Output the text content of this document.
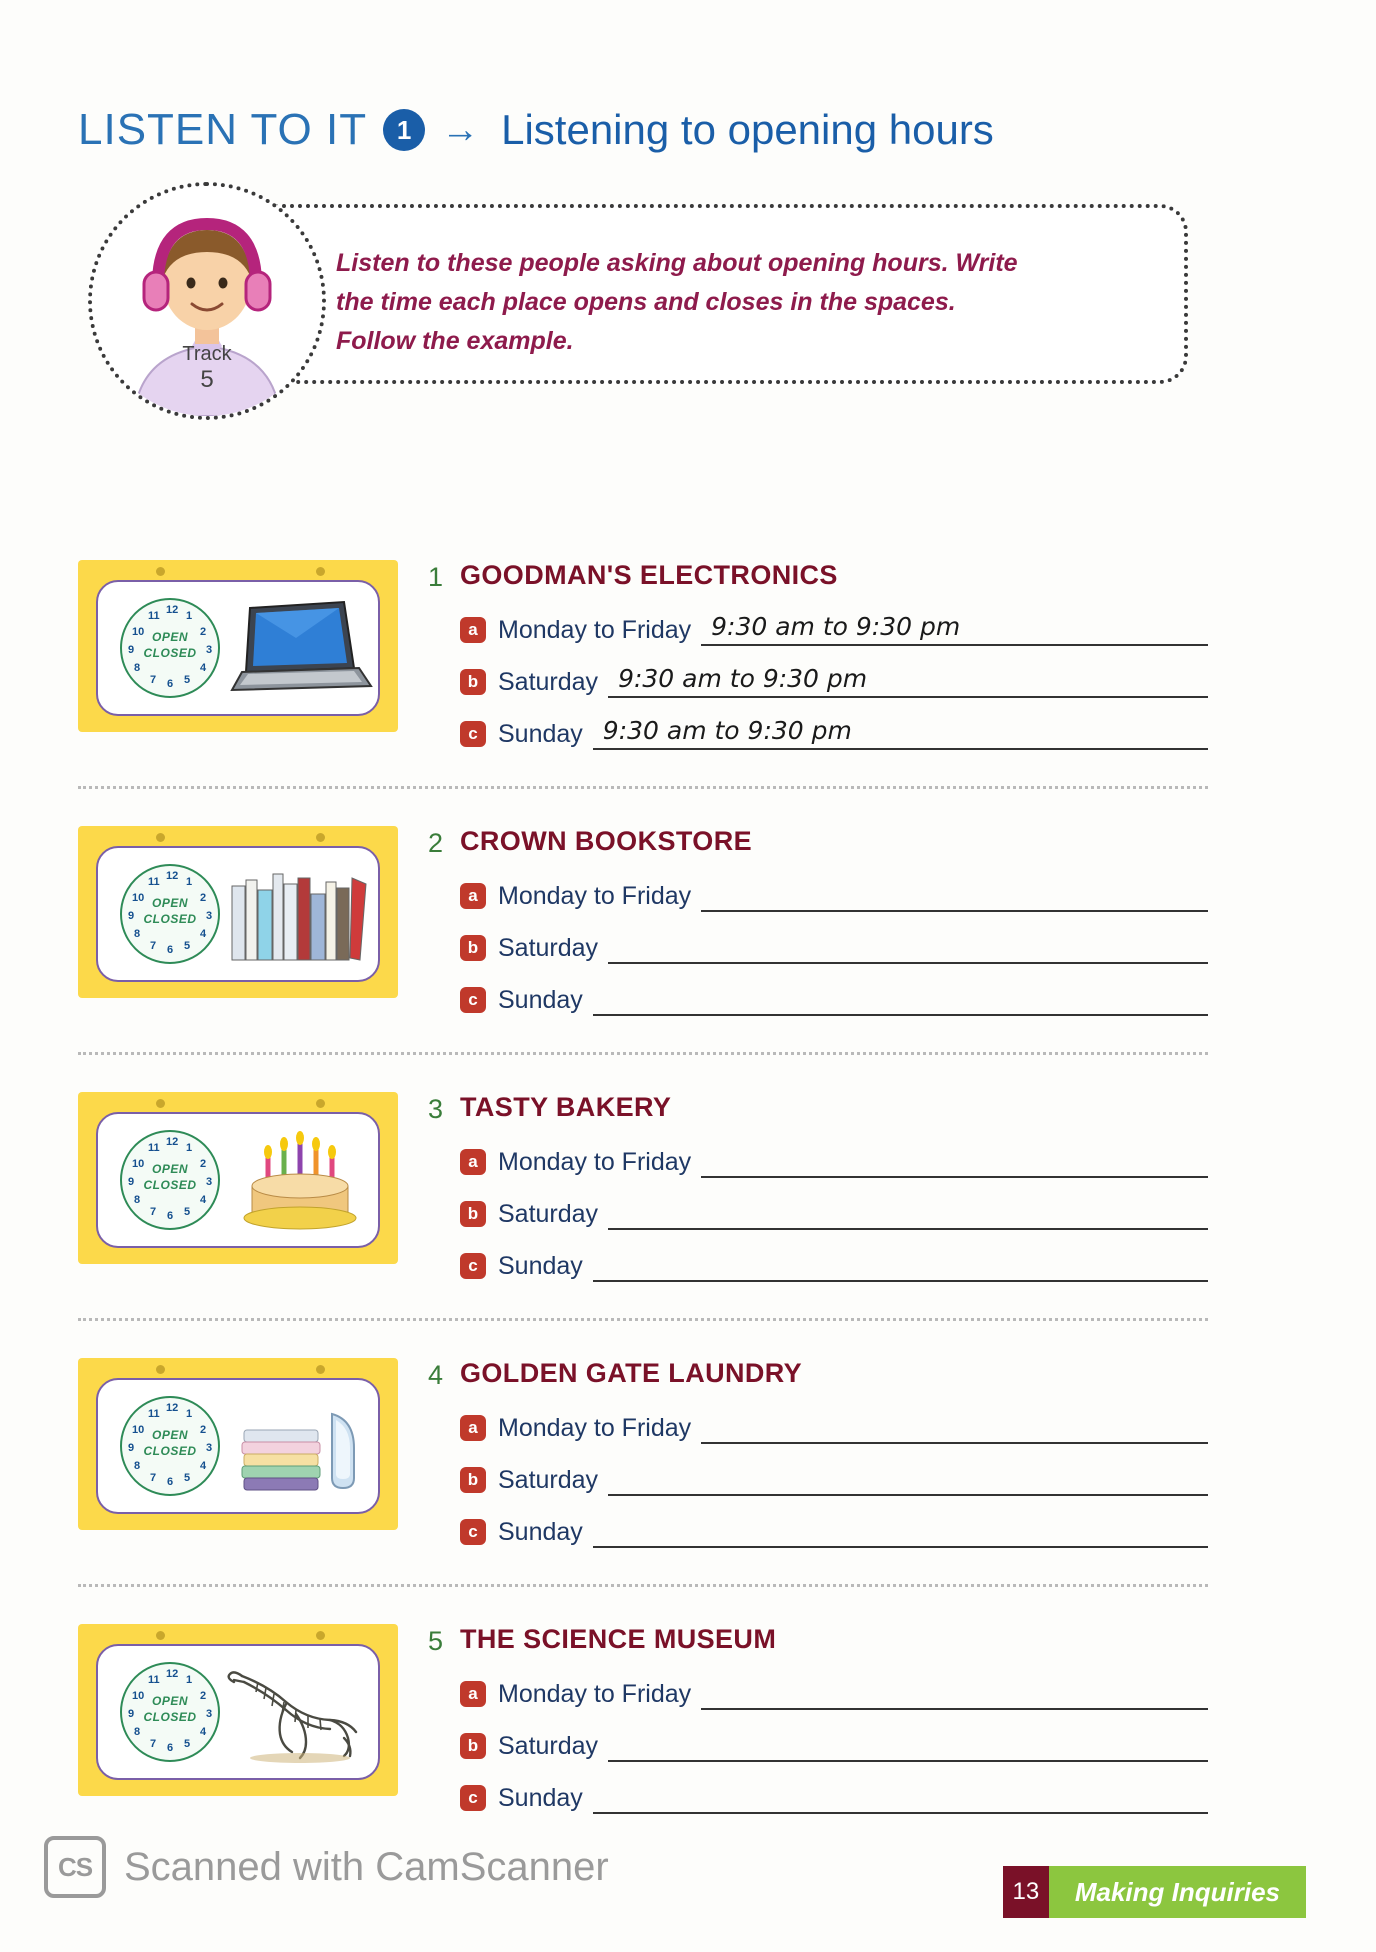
LISTEN TO IT	1 → Listening to opening hours
Listen to these people asking about opening hours. Write the time each place opens and closes in the spaces. Follow the example.
Track
5
12 1
2
3
4
5
6
7
8
9
10
11
OPEN
CLOSED
1 GOODMAN'S ELECTRONICS
a Monday to Friday 9:30 am to 9:30 pm
b Saturday 9:30 am to 9:30 pm
c Sunday 9:30 am to 9:30 pm
12 1
2
3
4
5
6
7
8
9
10
11
OPEN
CLOSED
2 CROWN BOOKSTORE
a Monday to Friday
b Saturday
c Sunday
12 1
2
3
4
5
6
7
8
9
10
11
OPEN
CLOSED
3 TASTY BAKERY
a Monday to Friday
b Saturday
c Sunday
12 1
2
3
4
5
6
7
8
9
10
11
OPEN
CLOSED
4 GOLDEN GATE LAUNDRY
a Monday to Friday
b Saturday
c Sunday
12 1
2
3
4
5
6
7
8
9
10
11
OPEN
CLOSED
5 THE SCIENCE MUSEUM
a Monday to Friday
b Saturday
c Sunday
CS Scanned with CamScanner
13	Making Inquiries
